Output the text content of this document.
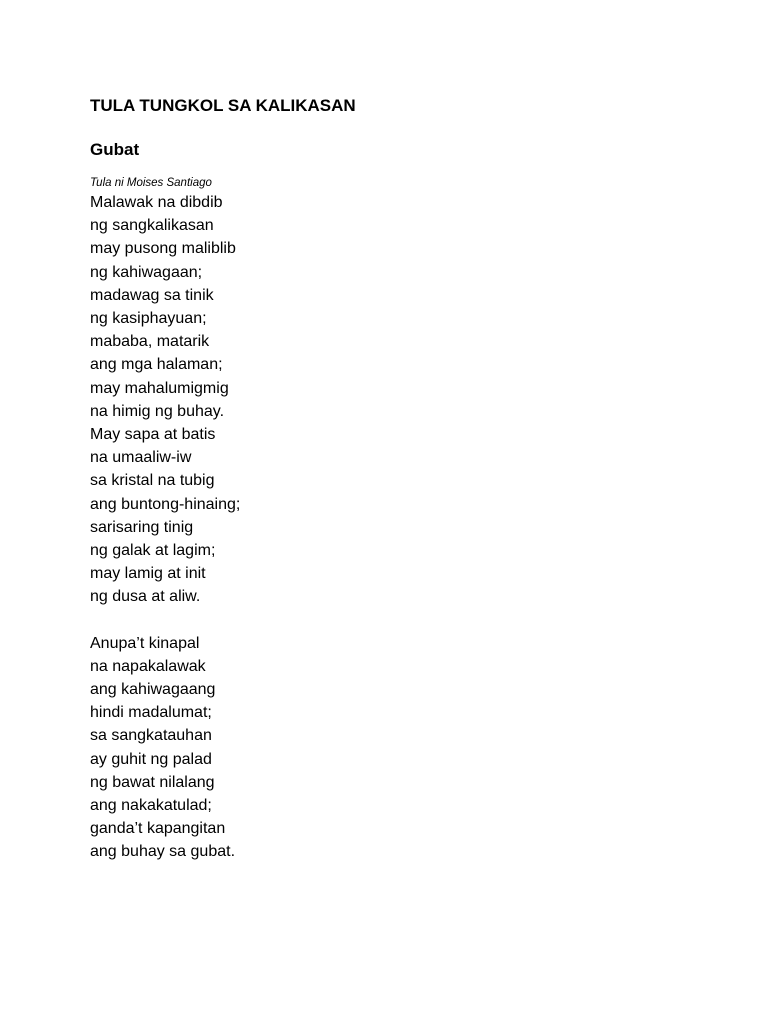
TULA TUNGKOL SA KALIKASAN
Gubat

Tula ni Moises Santiago

Malawak na dibdib
ng sangkalikasan
may pusong maliblib
ng kahiwagaan;
madawag sa tinik
ng kasiphayuan;
mababa, matarik
ang mga halaman;
may mahalumigmig
na himig ng buhay.
May sapa at batis
na umaaliw-iw
sa kristal na tubig
ang buntong-hinaing;
sarisaring tinig
ng galak at lagim;
may lamig at init
ng dusa at aliw.
Anupa’t kinapal
na napakalawak
ang kahiwagaang
hindi madalumat;
sa sangkatauhan
ay guhit ng palad
ng bawat nilalang
ang nakakatulad;
ganda’t kapangitan
ang buhay sa gubat.
